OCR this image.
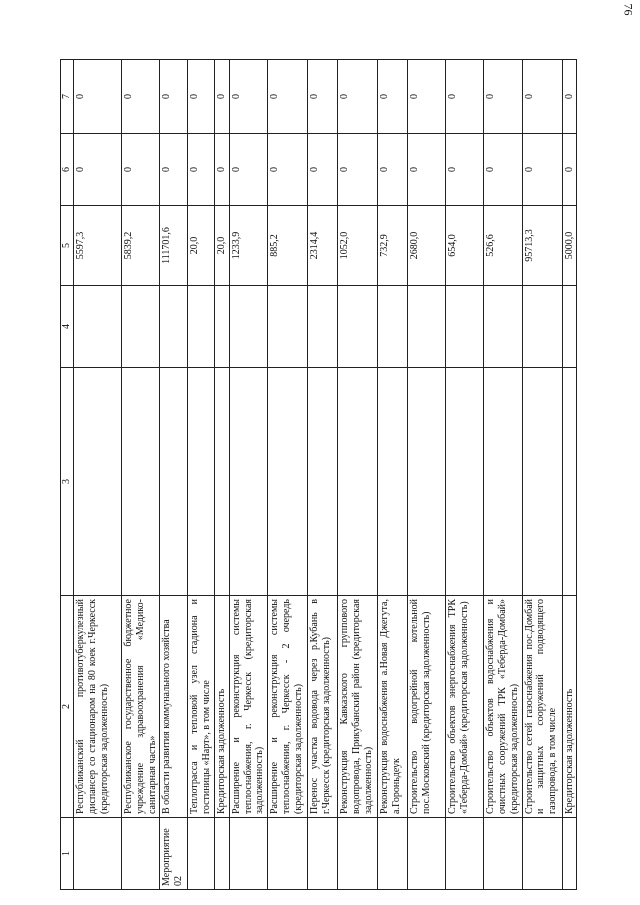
76
1	2	3	4	5	6	7
	Республиканский противотуберкулезный диспансер со стационаром на 80 коек г.Черкесск (кредиторская задолженность)			5597,3	0	0
	Республиканское государственное бюджетное учреждение здравоохранения «Медико-санитарная часть»			5839,2	0	0
Мероприятие 02	В области развития коммунального хозяйства			111701,6	0	0
	Теплотрасса и тепловой узел стадиона и гостиницы «Нарт», в том числе			20,0	0	0
	Кредиторская задолженность			20,0	0	0
	Расширение и реконструкция системы теплоснабжения, г. Черкесск (кредиторская задолженность)			1233,9	0	0
	Расширение и реконструкция системы теплоснабжения, г. Черкесск - 2 очередь (кредиторская задолженность)			885,2	0	0
	Перенос участка водовода через р.Кубань в г.Черкесск (кредиторская задолженность)			2314,4	0	0
	Реконструкция Кавказского группового водопровода, Прикубанский район (кредиторская задолженность)			1052,0	0	0
	Реконструкция водоснабжения а.Новая Джегута, а.Гороньдеук			732,9	0	0
	Строительство водогрейной котельной пос.Московский (кредиторская задолженность)			2680,0	0	0
	Строительство объектов энергоснабжения ТРК «Теберда-Домбай» (кредиторская задолженность)			654,0	0	0
	Строительство объектов водоснабжения и очистных сооружений ТРК «Теберда-Домбай» (кредиторская задолженность)			526,6	0	0
	Строительство сетей газоснабжения пос.Домбай и защитных сооружений подводящего газопровода, в том числе			95713,3	0	0
	Кредиторская задолженность			5000,0	0	0
